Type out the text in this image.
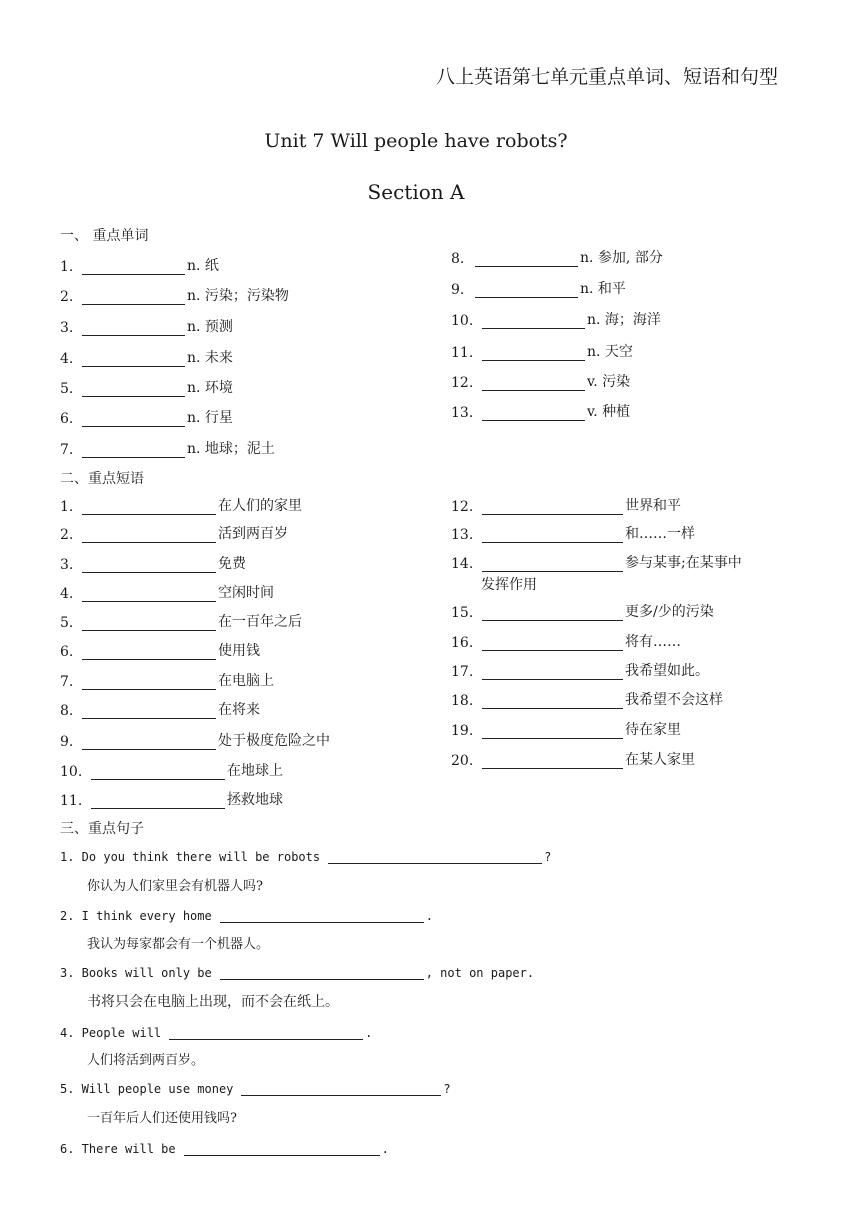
八上英语第七单元重点单词、短语和句型
Unit 7 Will people have robots?
Section A
一、 重点单词
1.	n. 纸
2.	n. 污染；污染物
3.	n. 预测
4.	n. 未来
5.	n. 环境
6.	n. 行星
7.	n. 地球；泥土
8.	n. 参加, 部分
9.	n. 和平
10.	n. 海；海洋
11.	n. 天空
12.	v. 污染
13.	v. 种植
二、重点短语
1.	在人们的家里
2.	活到两百岁
3.	免费
4.	空闲时间
5.	在一百年之后
6.	使用钱
7.	在电脑上
8.	在将来
9.	处于极度危险之中
10.	在地球上
11.	拯救地球
12.	世界和平
13.	和……一样
14.	参与某事;在某事中
发挥作用
15.	更多/少的污染
16.	将有……
17.	我希望如此。
18.	我希望不会这样
19.	待在家里
20.	在某人家里
三、重点句子
1. Do you think there will be robots	?
你认为人们家里会有机器人吗?
2. I think every home	.
我认为每家都会有一个机器人。
3. Books will only be	, not on paper.
书将只会在电脑上出现，而不会在纸上。
4. People will	.
人们将活到两百岁。
5. Will people use money	?
一百年后人们还使用钱吗?
6. There will be	.
